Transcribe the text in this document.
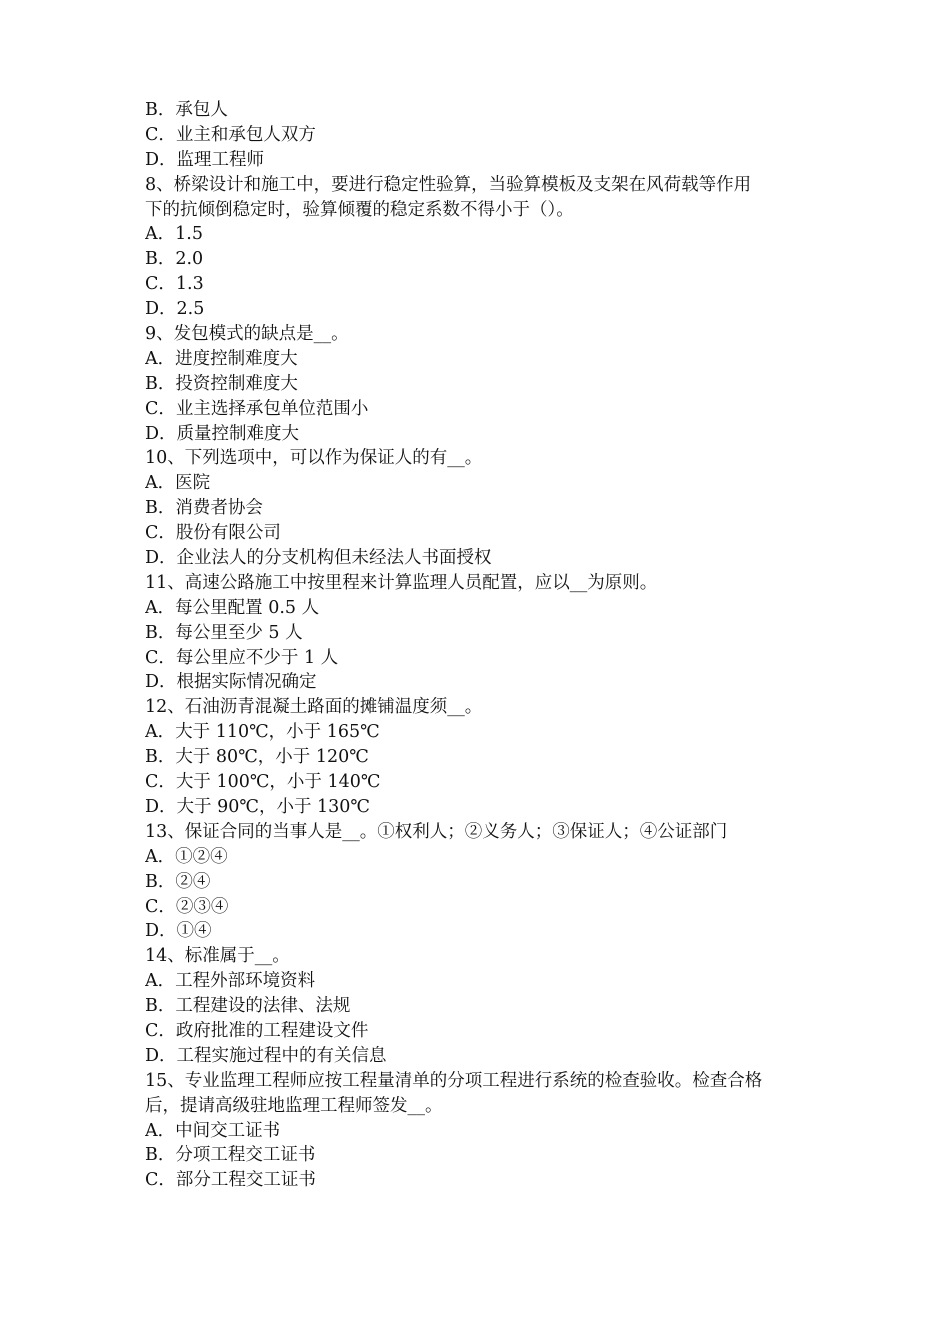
B．承包人
C．业主和承包人双方
D．监理工程师
8、桥梁设计和施工中，要进行稳定性验算，当验算模板及支架在风荷载等作用
下的抗倾倒稳定时，验算倾覆的稳定系数不得小于（）。
A．1.5
B．2.0
C．1.3
D．2.5
9、发包模式的缺点是__。
A．进度控制难度大
B．投资控制难度大
C．业主选择承包单位范围小
D．质量控制难度大
10、下列选项中，可以作为保证人的有__。
A．医院
B．消费者协会
C．股份有限公司
D．企业法人的分支机构但未经法人书面授权
11、高速公路施工中按里程来计算监理人员配置，应以__为原则。
A．每公里配置 0.5 人
B．每公里至少 5 人
C．每公里应不少于 1 人
D．根据实际情况确定
12、石油沥青混凝土路面的摊铺温度须__。
A．大于 110℃，小于 165℃
B．大于 80℃，小于 120℃
C．大于 100℃，小于 140℃
D．大于 90℃，小于 130℃
13、保证合同的当事人是__。①权利人；②义务人；③保证人；④公证部门
A．①②④
B．②④
C．②③④
D．①④
14、标准属于__。
A．工程外部环境资料
B．工程建设的法律、法规
C．政府批准的工程建设文件
D．工程实施过程中的有关信息
15、专业监理工程师应按工程量清单的分项工程进行系统的检查验收。检查合格
后，提请高级驻地监理工程师签发__。
A．中间交工证书
B．分项工程交工证书
C．部分工程交工证书
